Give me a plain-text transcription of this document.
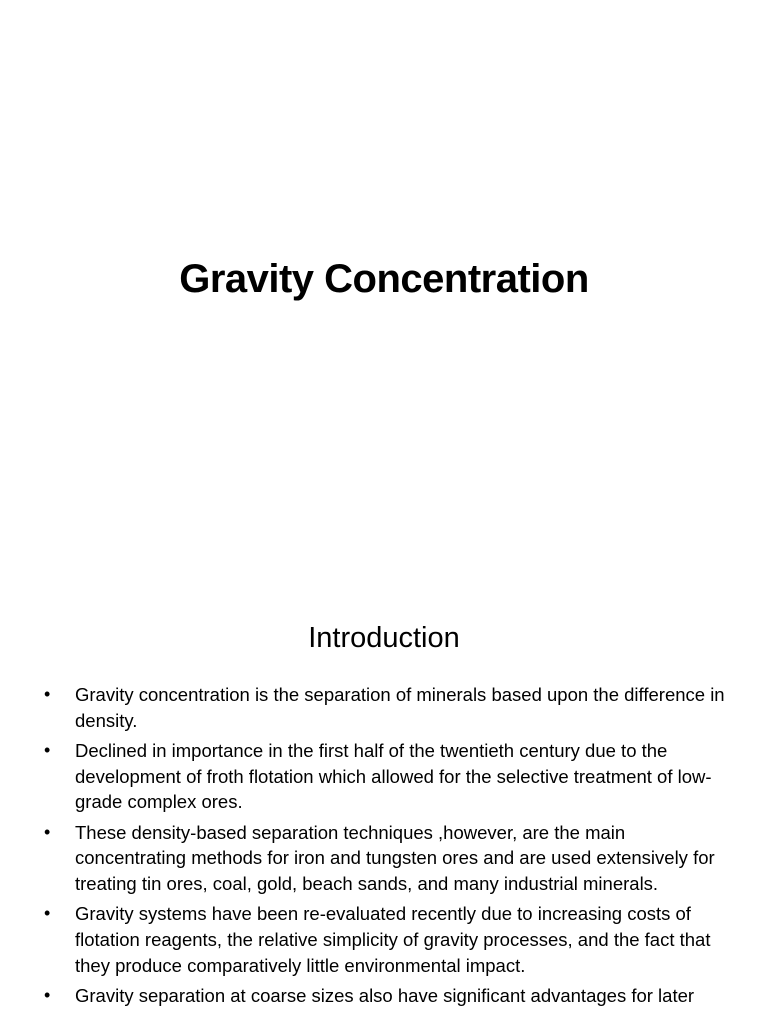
Gravity Concentration
Introduction
• Gravity concentration is the separation of minerals based upon the difference in density.
• Declined in importance in the first half of the twentieth century due to the development of froth flotation which allowed for the selective treatment of low-grade complex ores.
• These density-based separation techniques ,however, are the main concentrating methods for iron and tungsten ores and are used extensively for treating tin ores, coal, gold, beach sands, and many industrial minerals.
• Gravity systems have been re-evaluated recently due to increasing costs of flotation reagents, the relative simplicity of gravity processes, and the fact that they produce comparatively little environmental impact.
• Gravity separation at coarse sizes also have significant advantages for later
